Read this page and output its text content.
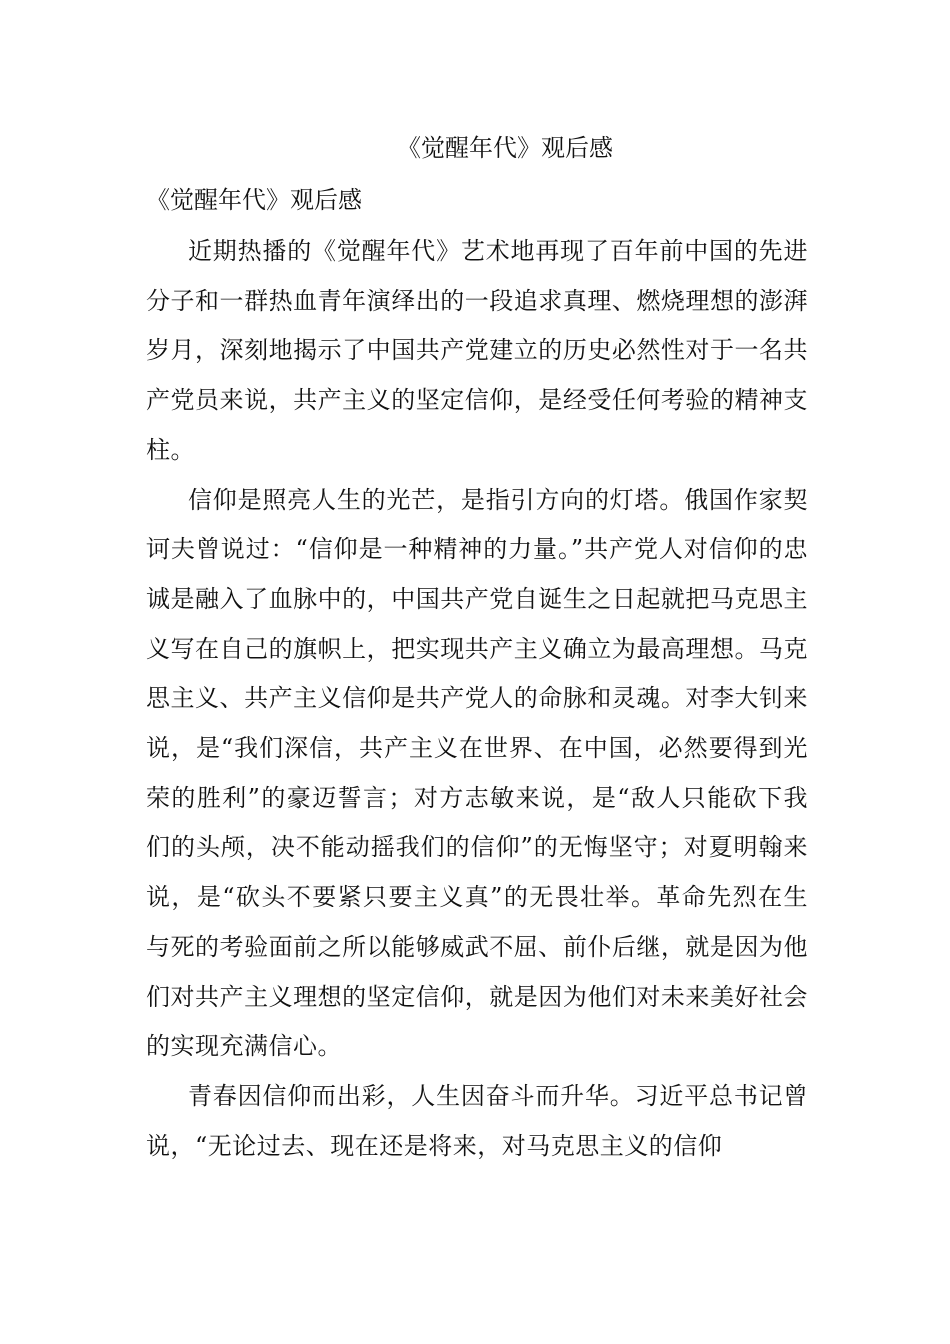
《觉醒年代》观后感
《觉醒年代》观后感

近期热播的《觉醒年代》艺术地再现了百年前中国的先进分子和一群热血青年演绎出的一段追求真理、燃烧理想的澎湃岁月，深刻地揭示了中国共产党建立的历史必然性对于一名共产党员来说，共产主义的坚定信仰，是经受任何考验的精神支柱。

信仰是照亮人生的光芒，是指引方向的灯塔。俄国作家契诃夫曾说过：“信仰是一种精神的力量。”共产党人对信仰的忠诚是融入了血脉中的，中国共产党自诞生之日起就把马克思主义写在自己的旗帜上，把实现共产主义确立为最高理想。马克思主义、共产主义信仰是共产党人的命脉和灵魂。对李大钊来说，是“我们深信，共产主义在世界、在中国，必然要得到光荣的胜利”的豪迈誓言；对方志敏来说，是“敌人只能砍下我们的头颅，决不能动摇我们的信仰”的无悔坚守；对夏明翰来说，是“砍头不要紧只要主义真”的无畏壮举。革命先烈在生与死的考验面前之所以能够威武不屈、前仆后继，就是因为他们对共产主义理想的坚定信仰，就是因为他们对未来美好社会的实现充满信心。

青春因信仰而出彩，人生因奋斗而升华。习近平总书记曾说，“无论过去、现在还是将来，对马克思主义的信仰
